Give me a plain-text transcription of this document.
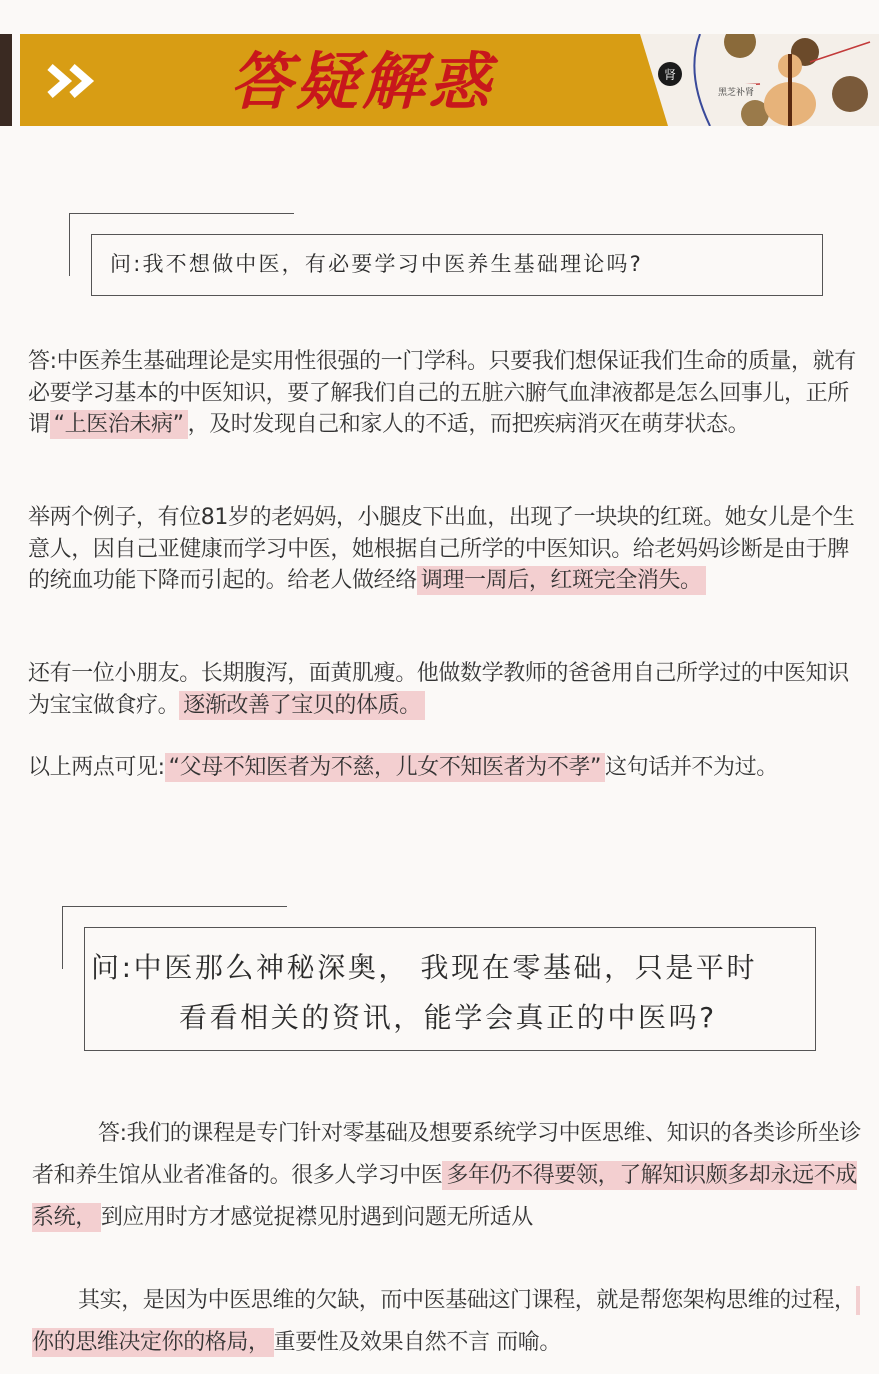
答疑解惑	肾
黑芝补肾
问:我不想做中医，有必要学习中医养生基础理论吗?

答:中医养生基础理论是实用性很强的一门学科。只要我们想保证我们生命的质量，就有必要学习基本的中医知识，要了解我们自己的五脏六腑气血津液都是怎么回事儿，正所谓 “上医治未病” ，及时发现自己和家人的不适，而把疾病消灭在萌芽状态。

举两个例子，有位81岁的老妈妈，小腿皮下出血，出现了一块块的红斑。她女儿是个生意人，因自己亚健康而学习中医，她根据自己所学的中医知识。给老妈妈诊断是由于脾的统血功能下降而引起的。给老人做经络 调理一周后，红斑完全消失。

还有一位小朋友。长期腹泻，面黄肌瘦。他做数学教师的爸爸用自己所学过的中医知识为宝宝做食疗。 逐渐改善了宝贝的体质。

以上两点可见: “父母不知医者为不慈，儿女不知医者为不孝” 这句话并不为过。

问:中医那么神秘深奥， 我现在零基础，只是平时
看看相关的资讯，能学会真正的中医吗?

答:我们的课程是专门针对零基础及想要系统学习中医思维、知识的各类诊所坐诊者和养生馆从业者准备的。很多人学习中医 多年仍不得要领，了解知识颇多却永远不成系统， 到应用时方才感觉捉襟见肘遇到问题无所适从

其实，是因为中医思维的欠缺，而中医基础这门课程，就是帮您架构思维的过程， 你的思维决定你的格局， 重要性及效果自然不言 而喻。
